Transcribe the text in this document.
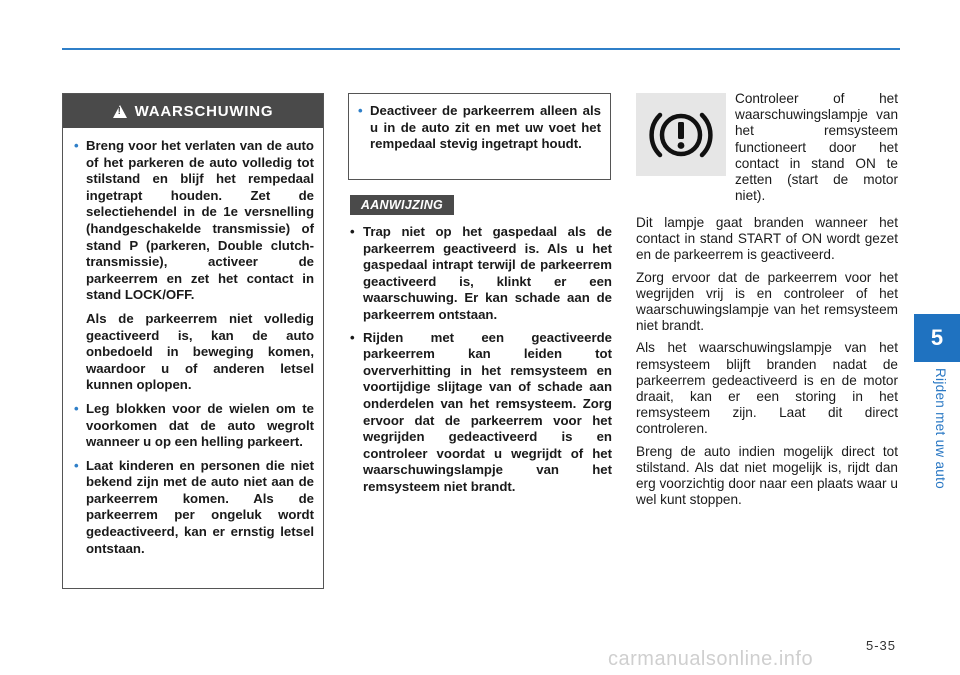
!
WAARSCHUWING
• Breng voor het verlaten van de auto of het parkeren de auto volledig tot stilstand en blijf het rempedaal ingetrapt houden. Zet de selectiehendel in de 1e versnelling (handgeschakelde transmissie) of stand P (parkeren, Double clutch-transmissie), activeer de parkeerrem en zet het contact in stand LOCK/OFF.
Als de parkeerrem niet volledig geactiveerd is, kan de auto onbedoeld in beweging komen, waardoor u of anderen letsel kunnen oplopen.
• Leg blokken voor de wielen om te voorkomen dat de auto wegrolt wanneer u op een helling parkeert.
• Laat kinderen en personen die niet bekend zijn met de auto niet aan de parkeerrem komen. Als de parkeerrem per ongeluk wordt gedeactiveerd, kan er ernstig letsel ontstaan.
• Deactiveer de parkeerrem alleen als u in de auto zit en met uw voet het rempedaal stevig ingetrapt houdt.
AANWIJZING
• Trap niet op het gaspedaal als de parkeerrem geactiveerd is. Als u het gaspedaal intrapt terwijl de parkeerrem geactiveerd is, klinkt er een waarschuwing. Er kan schade aan de parkeerrem ontstaan.
• Rijden met een geactiveerde parkeerrem kan leiden tot oververhitting in het remsysteem en voortijdige slijtage van of schade aan onderdelen van het remsysteem. Zorg ervoor dat de parkeerrem voor het wegrijden gedeactiveerd is en controleer voordat u wegrijdt of het waarschuwingslampje van het remsysteem niet brandt.
Controleer of het waarschuwingslampje van het remsysteem functioneert door het contact in stand ON te zetten (start de motor niet).

Dit lampje gaat branden wanneer het contact in stand START of ON wordt gezet en de parkeerrem is geactiveerd.

Zorg ervoor dat de parkeerrem voor het wegrijden vrij is en controleer of het waarschuwingslampje van het remsysteem niet brandt.

Als het waarschuwingslampje van het remsysteem blijft branden nadat de parkeerrem gedeactiveerd is en de motor draait, kan er een storing in het remsysteem zijn. Laat dit direct controleren.

Breng de auto indien mogelijk direct tot stilstand. Als dat niet mogelijk is, rijdt dan erg voorzichtig door naar een plaats waar u wel kunt stoppen.

5
Rijden met uw auto
5-35
carmanualsonline.info
